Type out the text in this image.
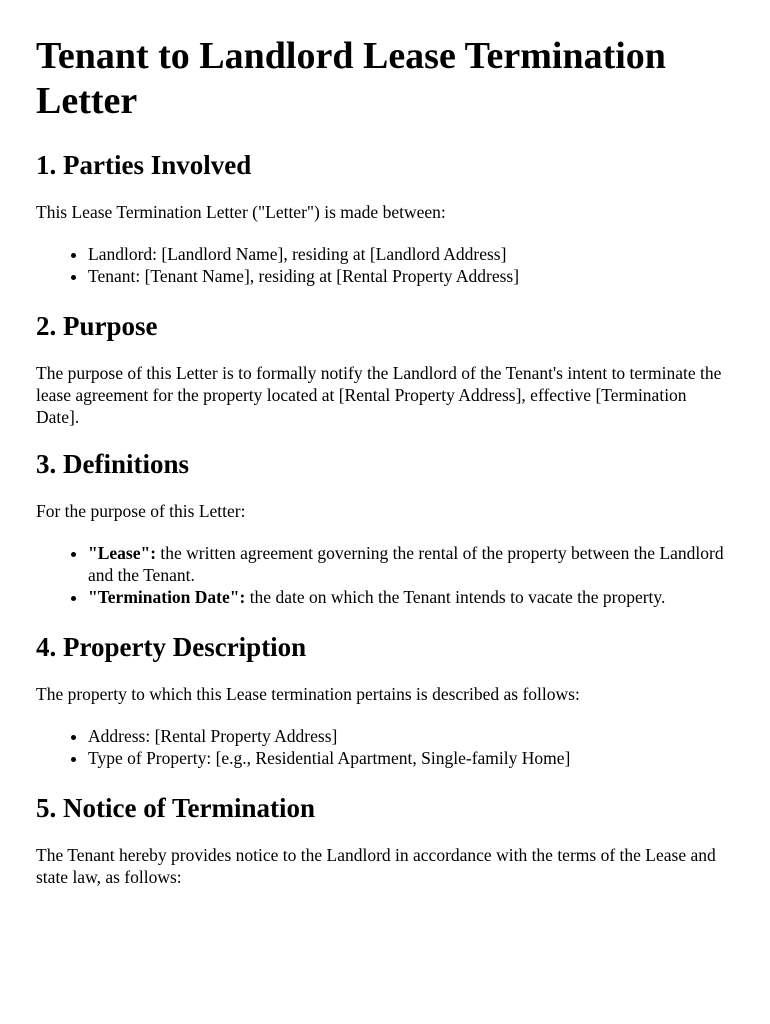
Tenant to Landlord Lease Termination Letter
1. Parties Involved

This Lease Termination Letter ("Letter") is made between:

• Landlord: [Landlord Name], residing at [Landlord Address]
• Tenant: [Tenant Name], residing at [Rental Property Address]
2. Purpose

The purpose of this Letter is to formally notify the Landlord of the Tenant's intent to terminate the lease agreement for the property located at [Rental Property Address], effective [Termination Date].

3. Definitions

For the purpose of this Letter:

• "Lease": the written agreement governing the rental of the property between the Landlord and the Tenant.
• "Termination Date": the date on which the Tenant intends to vacate the property.
4. Property Description

The property to which this Lease termination pertains is described as follows:

• Address: [Rental Property Address]
• Type of Property: [e.g., Residential Apartment, Single-family Home]
5. Notice of Termination

The Tenant hereby provides notice to the Landlord in accordance with the terms of the Lease and state law, as follows:
